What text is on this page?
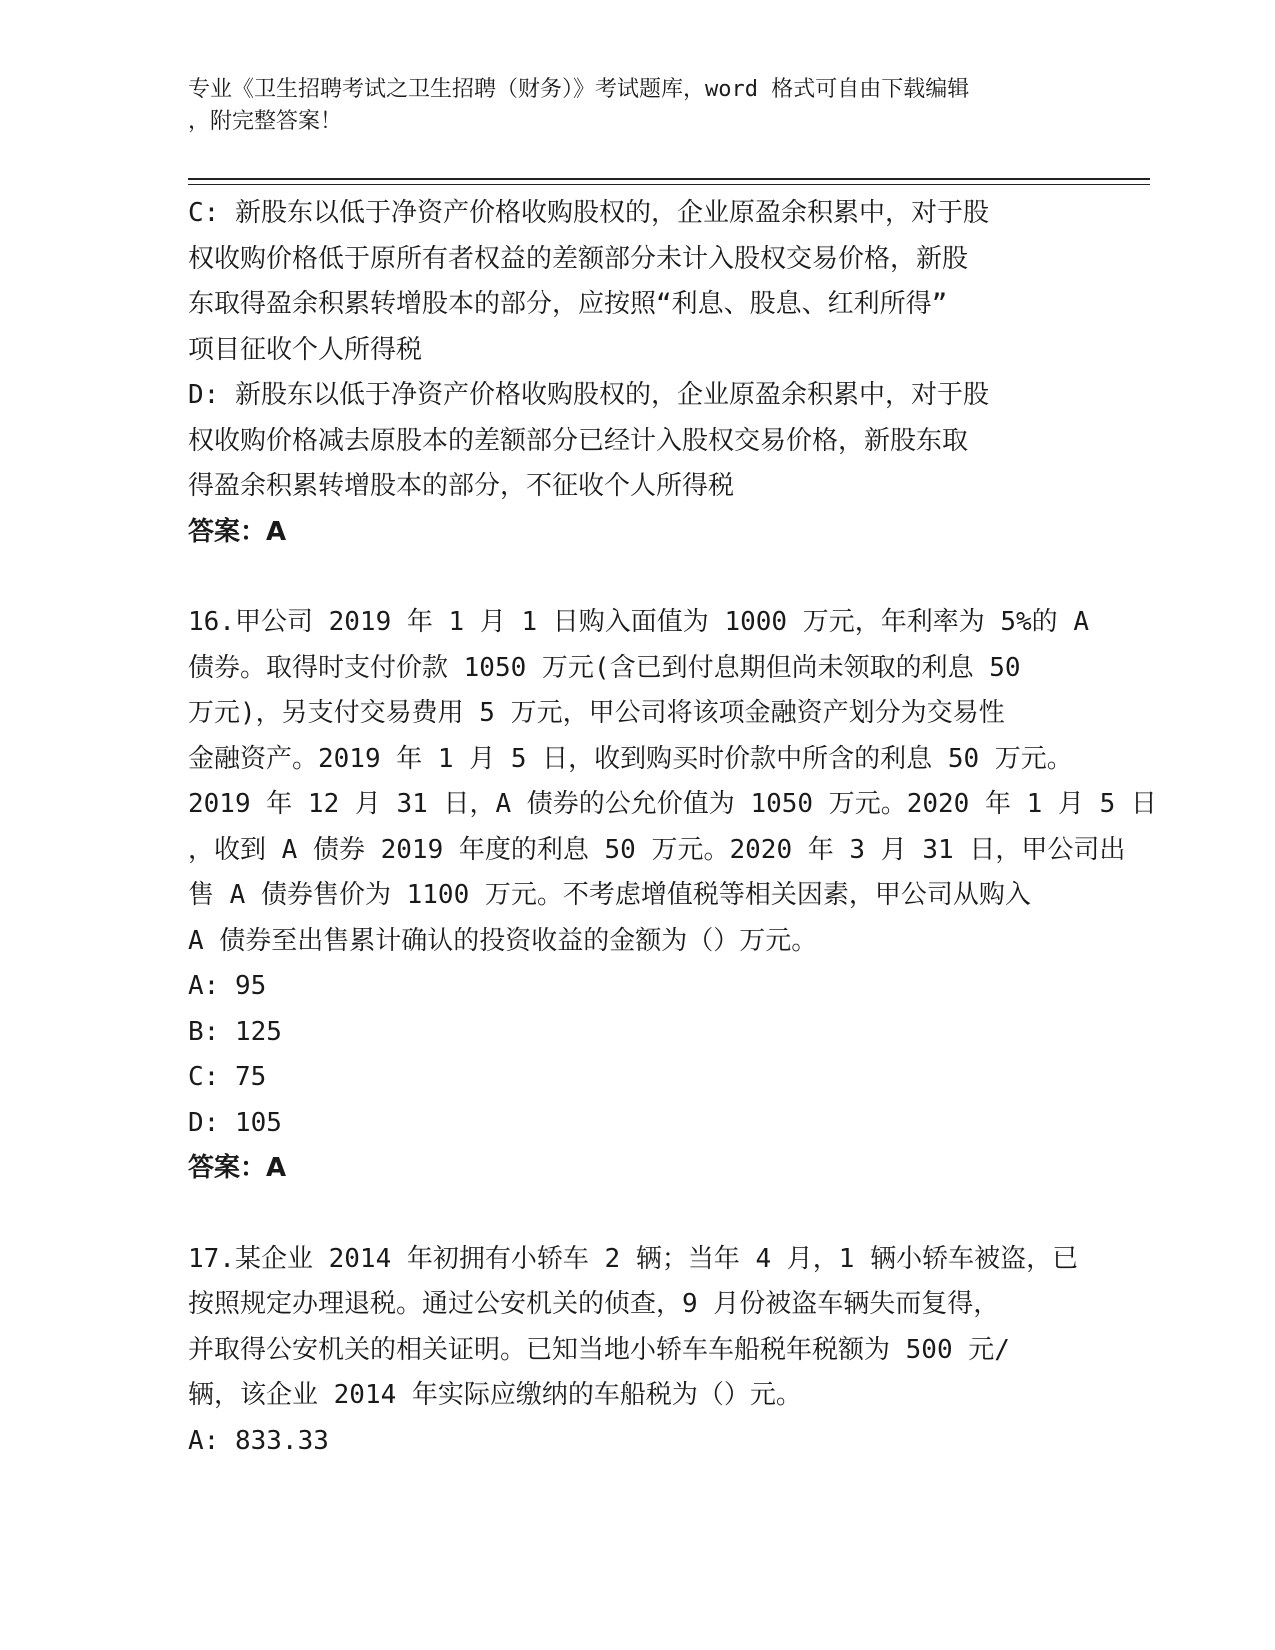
专业《卫生招聘考试之卫生招聘（财务）》考试题库，word 格式可自由下载编辑
，附完整答案！
C: 新股东以低于净资产价格收购股权的，企业原盈余积累中，对于股
权收购价格低于原所有者权益的差额部分未计入股权交易价格，新股
东取得盈余积累转增股本的部分，应按照“利息、股息、红利所得”
项目征收个人所得税
D: 新股东以低于净资产价格收购股权的，企业原盈余积累中，对于股
权收购价格减去原股本的差额部分已经计入股权交易价格，新股东取
得盈余积累转增股本的部分，不征收个人所得税
答案：A
16.甲公司 2019 年 1 月 1 日购入面值为 1000 万元，年利率为 5%的 A
债券。取得时支付价款 1050 万元(含已到付息期但尚未领取的利息 50
万元)，另支付交易费用 5 万元，甲公司将该项金融资产划分为交易性
金融资产。2019 年 1 月 5 日，收到购买时价款中所含的利息 50 万元。
2019 年 12 月 31 日，A 债券的公允价值为 1050 万元。2020 年 1 月 5 日
，收到 A 债券 2019 年度的利息 50 万元。2020 年 3 月 31 日，甲公司出
售 A 债券售价为 1100 万元。不考虑增值税等相关因素，甲公司从购入
A 债券至出售累计确认的投资收益的金额为（）万元。
A: 95
B: 125
C: 75
D: 105
答案：A
17.某企业 2014 年初拥有小轿车 2 辆；当年 4 月，1 辆小轿车被盗，已
按照规定办理退税。通过公安机关的侦查，9 月份被盗车辆失而复得，
并取得公安机关的相关证明。已知当地小轿车车船税年税额为 500 元/
辆，该企业 2014 年实际应缴纳的车船税为（）元。
A: 833.33
